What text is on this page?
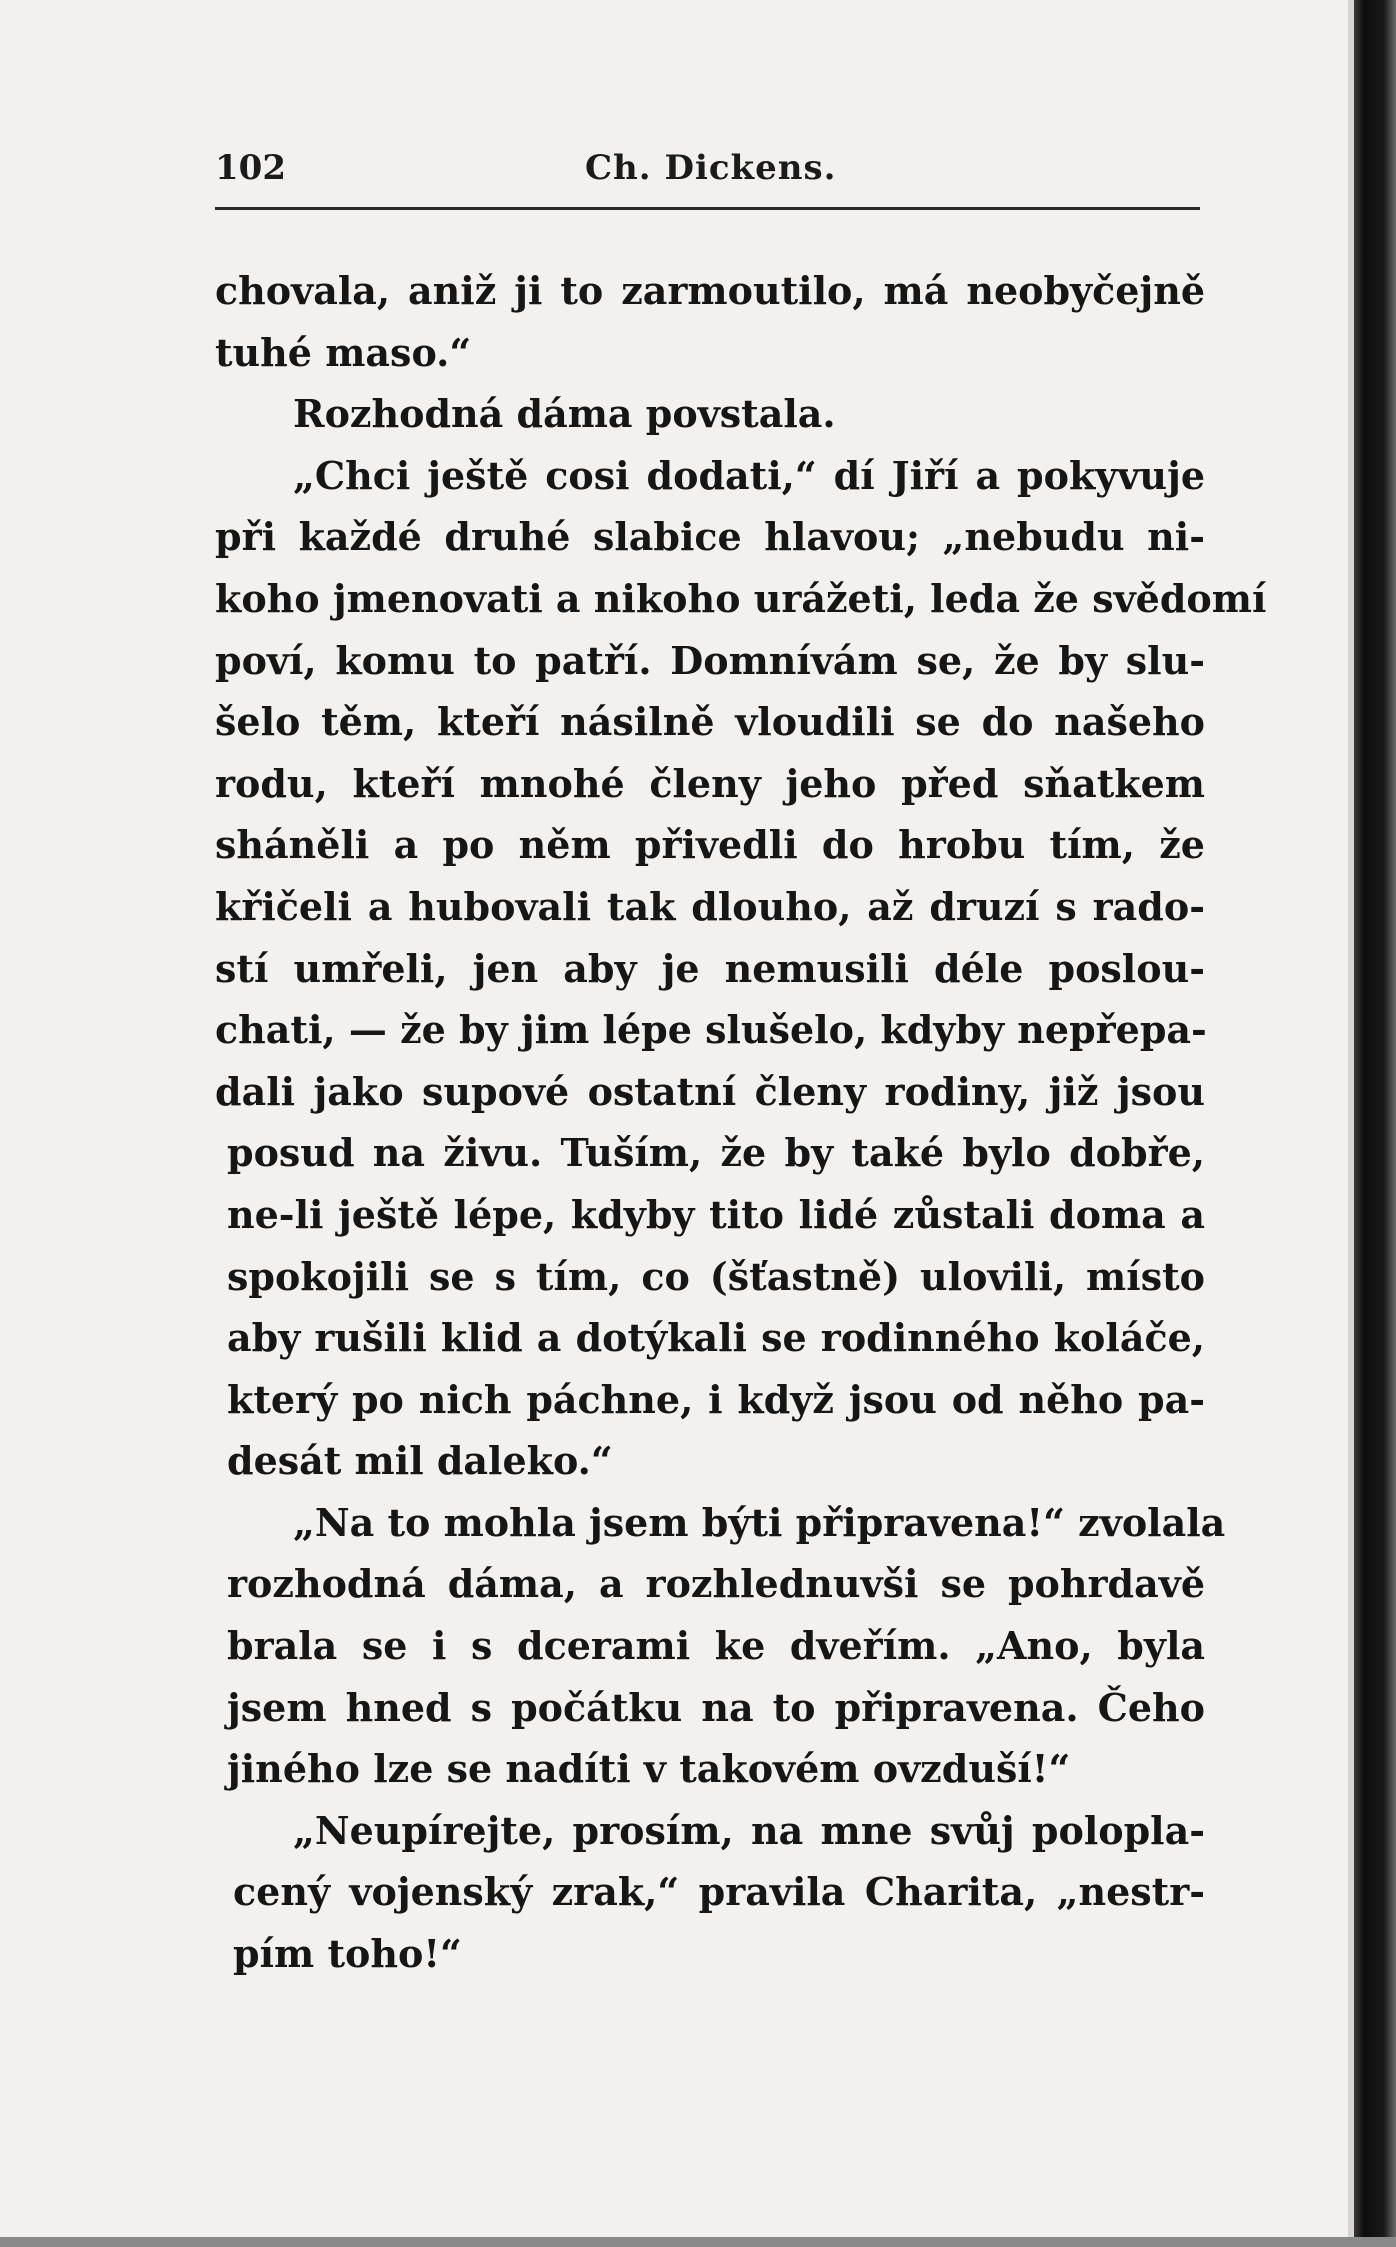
102	Ch. Dickens.
chovala, aniž ji to zarmoutilo, má neobyčejně
tuhé maso.“
Rozhodná dáma povstala.
„Chci ještě cosi dodati,“ dí Jiří a pokyvuje
při každé druhé slabice hlavou; „nebudu ni-
koho jmenovati a nikoho urážeti, leda že svědomí
poví, komu to patří. Domnívám se, že by slu-
šelo těm, kteří násilně vloudili se do našeho
rodu, kteří mnohé členy jeho před sňatkem
sháněli a po něm přivedli do hrobu tím, že
křičeli a hubovali tak dlouho, až druzí s rado-
stí umřeli, jen aby je nemusili déle poslou-
chati, — že by jim lépe slušelo, kdyby nepřepa-
dali jako supové ostatní členy rodiny, již jsou
posud na živu. Tuším, že by také bylo dobře,
ne-li ještě lépe, kdyby tito lidé zůstali doma a
spokojili se s tím, co (šťastně) ulovili, místo
aby rušili klid a dotýkali se rodinného koláče,
který po nich páchne, i když jsou od něho pa-
desát mil daleko.“
„Na to mohla jsem býti připravena!“ zvolala
rozhodná dáma, a rozhlednuvši se pohrdavě
brala se i s dcerami ke dveřím. „Ano, byla
jsem hned s počátku na to připravena. Čeho
jiného lze se nadíti v takovém ovzduší!“
„Neupírejte, prosím, na mne svůj polopla-
cený vojenský zrak,“ pravila Charita, „nestr-
pím toho!“
